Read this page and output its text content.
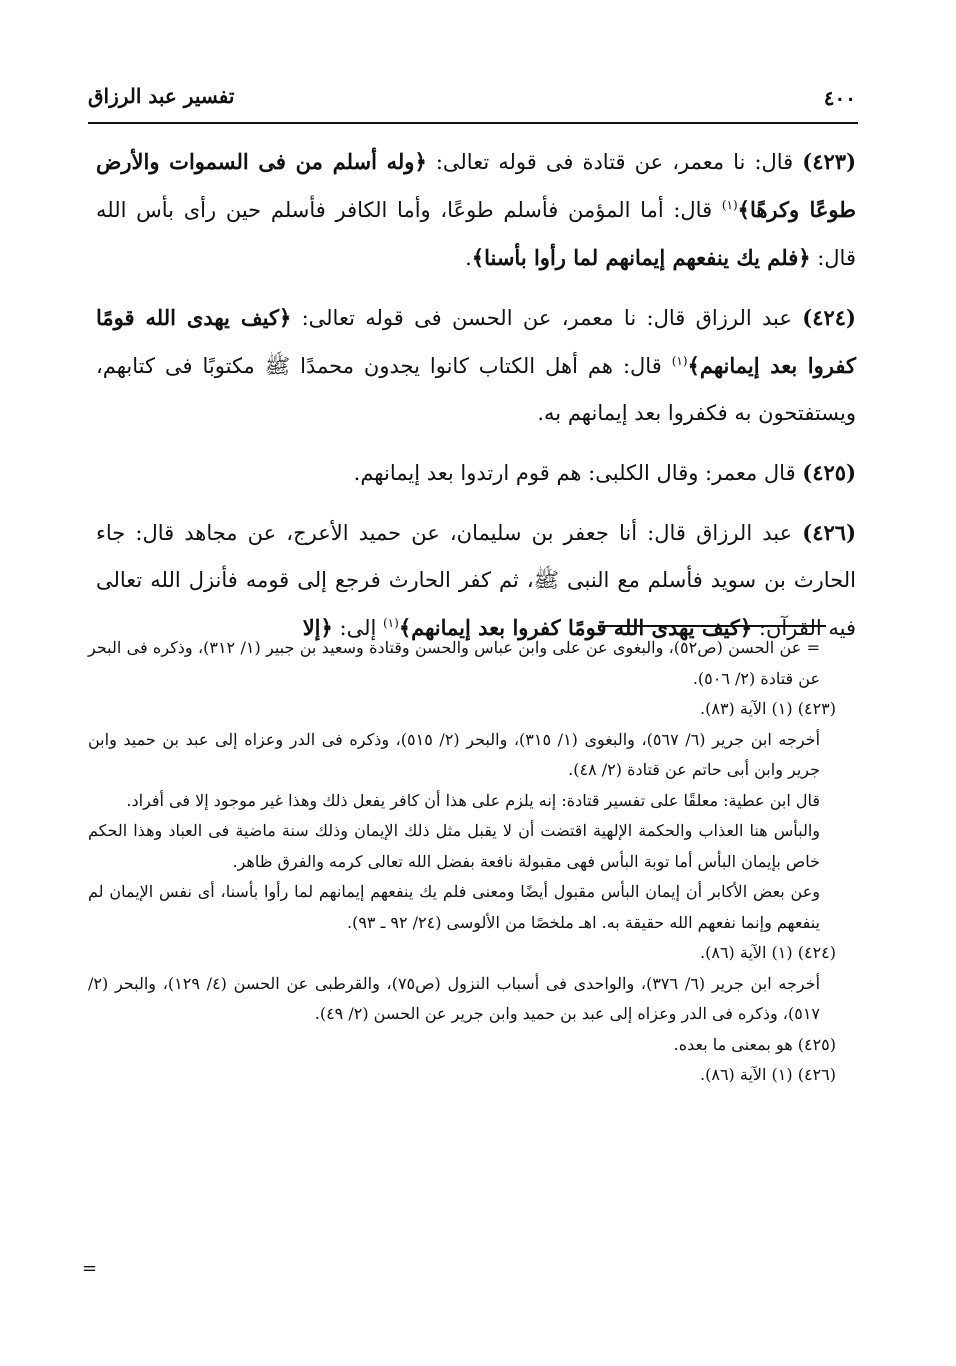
٤٠٠
تفسير عبد الرزاق

(٤٢٣) قال: نا معمر، عن قتادة فى قوله تعالى: ﴿وله أسلم من فى السموات والأرض طوعًا وكرهًا﴾$^{(١)}$ قال: أما المؤمن فأسلم طوعًا، وأما الكافر فأسلم حين رأى بأس الله قال: ﴿فلم يك ينفعهم إيمانهم لما رأوا بأسنا﴾.

(٤٢٤) عبد الرزاق قال: نا معمر، عن الحسن فى قوله تعالى: ﴿كيف يهدى الله قومًا كفروا بعد إيمانهم﴾$^{(١)}$ قال: هم أهل الكتاب كانوا يجدون محمدًا ﷺ مكتوبًا فى كتابهم، ويستفتحون به فكفروا بعد إيمانهم به.

(٤٢٥) قال معمر: وقال الكلبى: هم قوم ارتدوا بعد إيمانهم.

(٤٢٦) عبد الرزاق قال: أنا جعفر بن سليمان، عن حميد الأعرج، عن مجاهد قال: جاء الحارث بن سويد فأسلم مع النبى ﷺ، ثم كفر الحارث فرجع إلى قومه فأنزل الله تعالى فيه القرآن: ﴿كيف يهدى الله قومًا كفروا بعد إيمانهم﴾$^{(١)}$ إلى: ﴿إلا

= عن الحسن (ص٥٢)، والبغوى عن على وابن عباس والحسن وقتادة وسعيد بن جبير (١/ ٣١٢)، وذكره فى البحر عن قتادة (٢/ ٥٠٦).

(٤٢٣) (١) الآية (٨٣).

أخرجه ابن جرير (٦/ ٥٦٧)، والبغوى (١/ ٣١٥)، والبحر (٢/ ٥١٥)، وذكره فى الدر وعزاه إلى عبد بن حميد وابن جرير وابن أبى حاتم عن قتادة (٢/ ٤٨).

قال ابن عطية: معلقًا على تفسير قتادة: إنه يلزم على هذا أن كافر يفعل ذلك وهذا غير موجود إلا فى أفراد.

والبأس هنا العذاب والحكمة الإلهية اقتضت أن لا يقبل مثل ذلك الإيمان وذلك سنة ماضية فى العباد وهذا الحكم خاص بإيمان البأس أما توبة البأس فهى مقبولة نافعة بفضل الله تعالى كرمه والفرق ظاهر.

وعن بعض الأكابر أن إيمان البأس مقبول أيضًا ومعنى فلم يك ينفعهم إيمانهم لما رأوا بأسنا، أى نفس الإيمان لم ينفعهم وإنما نفعهم الله حقيقة به. اهـ ملخصًا من الألوسى (٢٤/ ٩٢ ـ ٩٣).

(٤٢٤) (١) الآية (٨٦).

أخرجه ابن جرير (٦/ ٣٧٦)، والواحدى فى أسباب النزول (ص٧٥)، والقرطبى عن الحسن (٤/ ١٢٩)، والبحر (٢/ ٥١٧)، وذكره فى الدر وعزاه إلى عبد بن حميد وابن جرير عن الحسن (٢/ ٤٩).

(٤٢٥) هو بمعنى ما بعده.

(٤٢٦) (١) الآية (٨٦).

=
